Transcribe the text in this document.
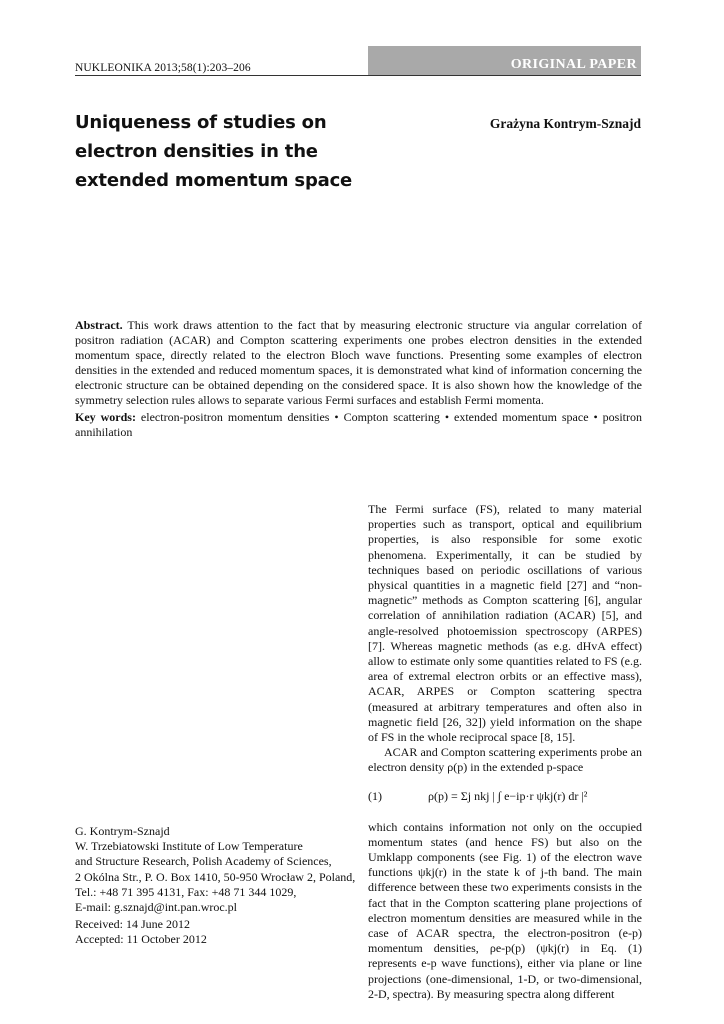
NUKLEONIKA 2013;58(1):203–206	ORIGINAL PAPER
Uniqueness of studies on electron densities in the extended momentum space
Grażyna Kontrym-Sznajd
Abstract. This work draws attention to the fact that by measuring electronic structure via angular correlation of positron radiation (ACAR) and Compton scattering experiments one probes electron densities in the extended momentum space, directly related to the electron Bloch wave functions. Presenting some examples of electron densities in the extended and reduced momentum spaces, it is demonstrated what kind of information concerning the electronic structure can be obtained depending on the considered space. It is also shown how the knowledge of the symmetry selection rules allows to separate various Fermi surfaces and establish Fermi momenta.
Key words: electron-positron momentum densities • Compton scattering • extended momentum space • positron annihilation

The Fermi surface (FS), related to many material properties such as transport, optical and equilibrium properties, is also responsible for some exotic phenomena. Experimentally, it can be studied by techniques based on periodic oscillations of various physical quantities in a magnetic field [27] and “non-magnetic” methods as Compton scattering [6], angular correlation of annihilation radiation (ACAR) [5], and angle-resolved photoemission spectroscopy (ARPES) [7]. Whereas magnetic methods (as e.g. dHvA effect) allow to estimate only some quantities related to FS (e.g. area of extremal electron orbits or an effective mass), ACAR, ARPES or Compton scattering spectra (measured at arbitrary temperatures and often also in magnetic field [26, 32]) yield information on the shape of FS in the whole reciprocal space [8, 15].

ACAR and Compton scattering experiments probe an electron density ρ(p) in the extended p-space

(1)	ρ(p) = Σj nkj | ∫ e−ip·r ψkj(r) dr |²

which contains information not only on the occupied momentum states (and hence FS) but also on the Umklapp components (see Fig. 1) of the electron wave functions ψkj(r) in the state k of j-th band. The main difference between these two experiments consists in the fact that in the Compton scattering plane projections of electron momentum densities are measured while in the case of ACAR spectra, the electron-positron (e-p) momentum densities, ρe-p(p) (ψkj(r) in Eq. (1) represents e-p wave functions), either via plane or line projections (one-dimensional, 1-D, or two-dimensional, 2-D, spectra). By measuring spectra along different

G. Kontrym-Sznajd
W. Trzebiatowski Institute of Low Temperature
and Structure Research, Polish Academy of Sciences,
2 Okólna Str., P. O. Box 1410, 50-950 Wrocław 2, Poland,
Tel.: +48 71 395 4131, Fax: +48 71 344 1029,
E-mail: g.sznajd@int.pan.wroc.pl
Received: 14 June 2012
Accepted: 11 October 2012
